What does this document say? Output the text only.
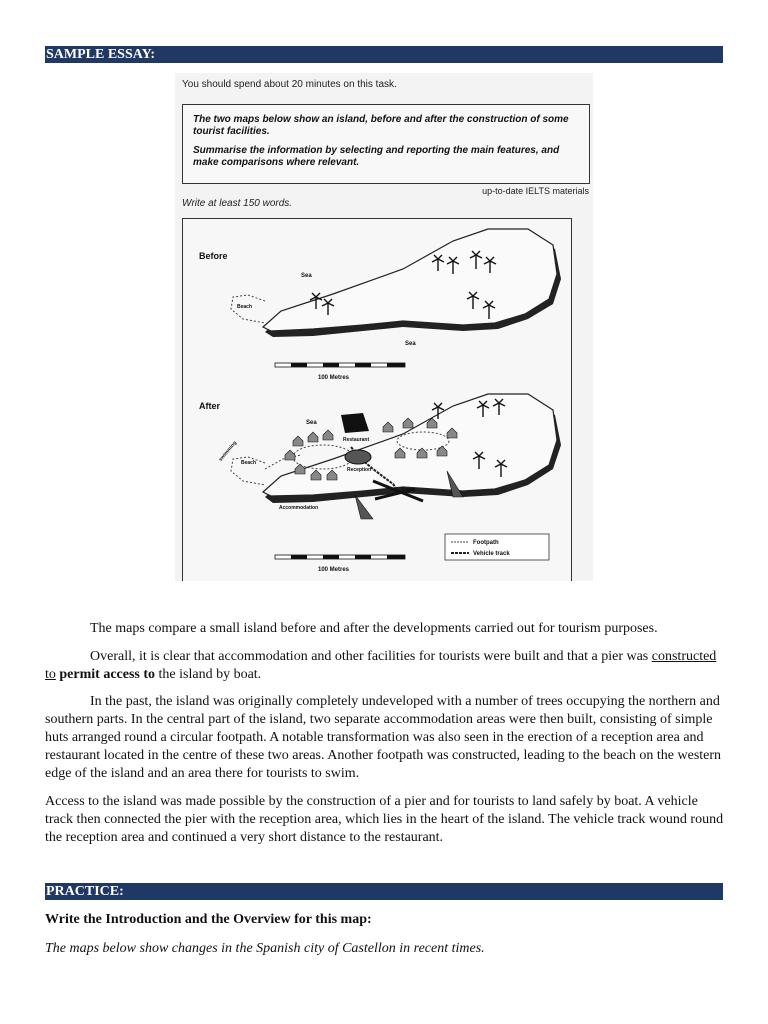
SAMPLE ESSAY:
You should spend about 20 minutes on this task.

The two maps below show an island, before and after the construction of some tourist facilities.

Summarise the information by selecting and reporting the main features, and make comparisons where relevant.

up-to-date IELTS materials
Write at least 150 words.
Before
Sea
Sea
Beach
100 Metres
After
Sea
swimming
Beach
Restaurant
Reception
Pier
Accommodation
Footpath
Vehicle track
100 Metres

The maps compare a small island before and after the developments carried out for tourism purposes.

Overall, it is clear that accommodation and other facilities for tourists were built and that a pier was constructed to permit access to the island by boat.

In the past, the island was originally completely undeveloped with a number of trees occupying the northern and southern parts. In the central part of the island, two separate accommodation areas were then built, consisting of simple huts arranged round a circular footpath. A notable transformation was also seen in the erection of a reception area and restaurant located in the centre of these two areas. Another footpath was constructed, leading to the beach on the western edge of the island and an area there for tourists to swim.

Access to the island was made possible by the construction of a pier and for tourists to land safely by boat. A vehicle track then connected the pier with the reception area, which lies in the heart of the island. The vehicle track wound round the reception area and continued a very short distance to the restaurant.

PRACTICE:

Write the Introduction and the Overview for this map:

The maps below show changes in the Spanish city of Castellon in recent times.
